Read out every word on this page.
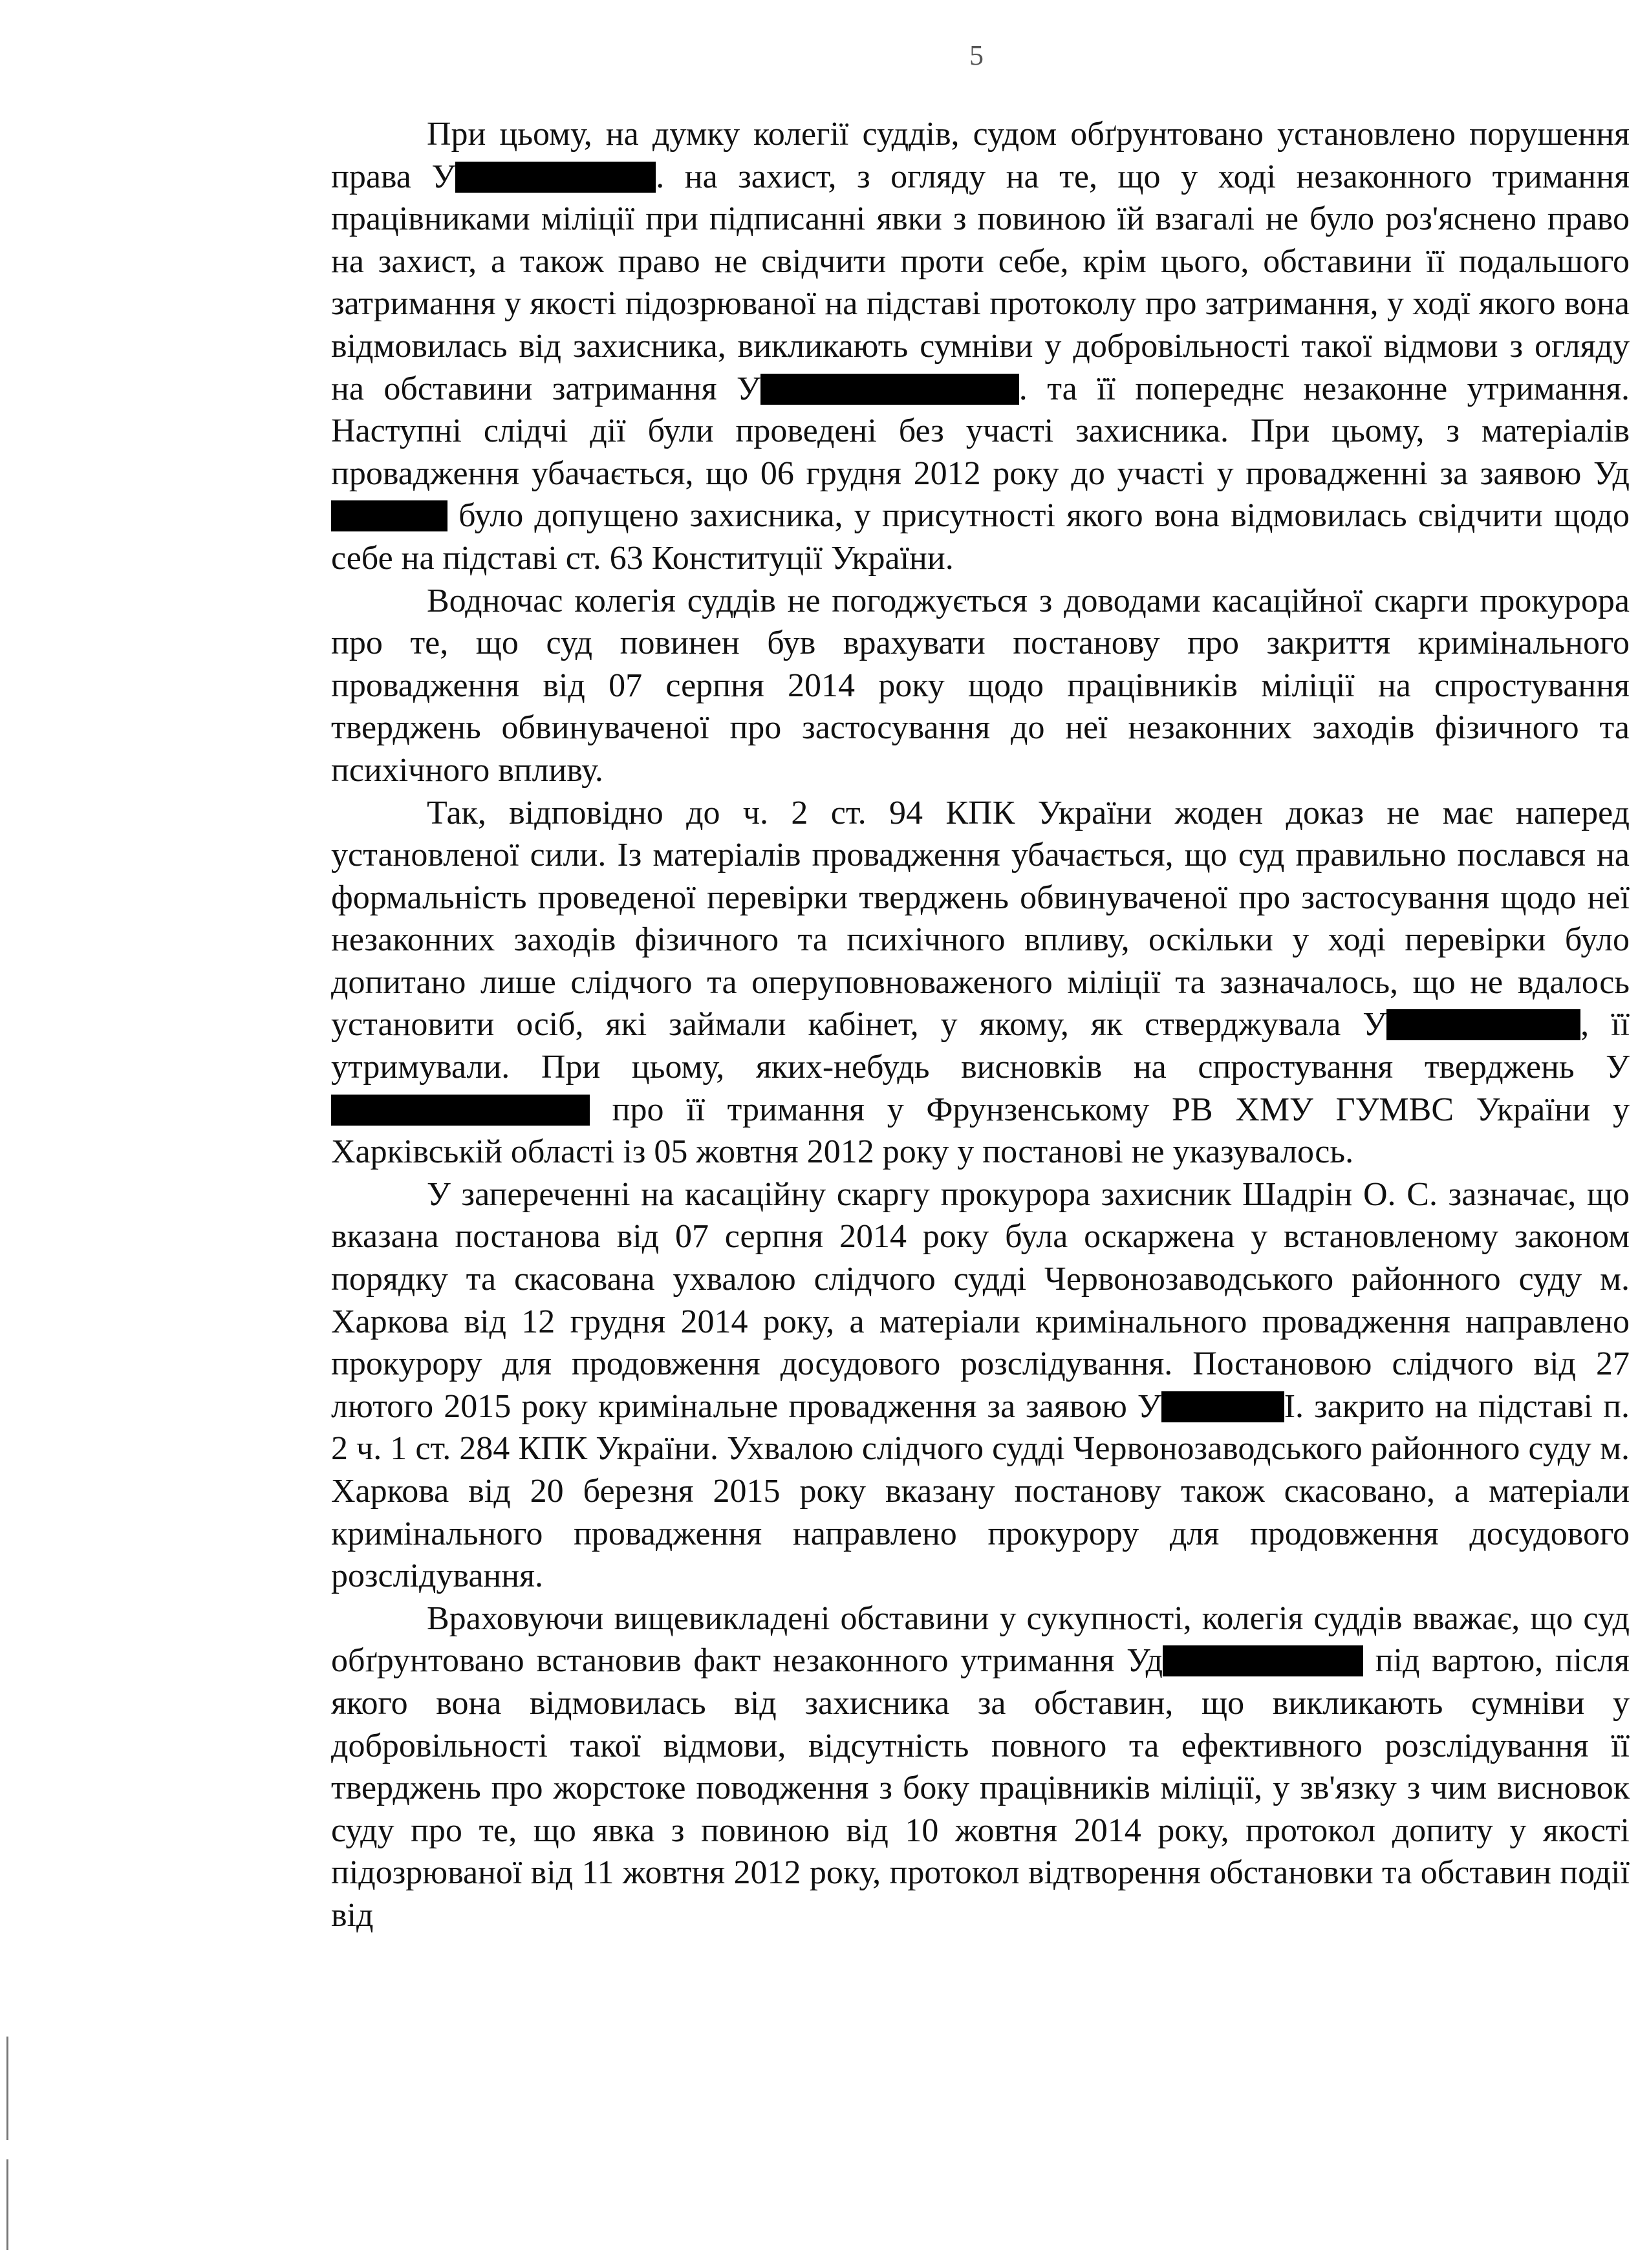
5

При цьому, на думку колегії суддів, судом обґрунтовано установлено порушення права У	. на захист, з огляду на те, що у ході незаконного тримання працівниками міліції при підписанні явки з повиною їй взагалі не було роз'яснено право на захист, а також право не свідчити проти себе, крім цього, обставини її подальшого затримання у якості підозрюваної на підставі протоколу про затримання, у ходї якого вона відмовилась від захисника, викликають сумніви у добровільності такої відмови з огляду на обставини затримання У	. та її попереднє незаконне утримання. Наступні слідчі дії були проведені без участі захисника. При цьому, з матеріалів провадження убачається, що 06 грудня 2012 року до участі у провадженні за заявою Уд було допущено захисника, у присутності якого вона відмовилась свідчити щодо себе на підставі ст. 63 Конституції України.

Водночас колегія суддів не погоджується з доводами касаційної скарги прокурора про те, що суд повинен був врахувати постанову про закриття кримінального провадження від 07 серпня 2014 року щодо працівників міліції на спростування тверджень обвинуваченої про застосування до неї незаконних заходів фізичного та психічного впливу.

Так, відповідно до ч. 2 ст. 94 КПК України жоден доказ не має наперед установленої сили. Із матеріалів провадження убачається, що суд правильно послався на формальність проведеної перевірки тверджень обвинуваченої про застосування щодо неї незаконних заходів фізичного та психічного впливу, оскільки у ході перевірки було допитано лише слідчого та оперуповноваженого міліції та зазначалось, що не вдалось установити осіб, які займали кабінет, у якому, як стверджувала У	, її утримували. При цьому, яких-небудь висновків на спростування тверджень У про її тримання у Фрунзенському РВ ХМУ ГУМВС України у Харківській області із 05 жовтня 2012 року у постанові не указувалось.

У запереченні на касаційну скаргу прокурора захисник Шадрін О. С. зазначає, що вказана постанова від 07 серпня 2014 року була оскаржена у встановленому законом порядку та скасована ухвалою слідчого судді Червонозаводського районного суду м. Харкова від 12 грудня 2014 року, а матеріали кримінального провадження направлено прокурору для продовження досудового розслідування. Постановою слідчого від 27 лютого 2015 року кримінальне провадження за заявою У	I. закрито на підставі п. 2 ч. 1 ст. 284 КПК України. Ухвалою слідчого судді Червонозаводського районного суду м. Харкова від 20 березня 2015 року вказану постанову також скасовано, а матеріали кримінального провадження направлено прокурору для продовження досудового розслідування.

Враховуючи вищевикладені обставини у сукупності, колегія суддів вважає, що суд обґрунтовано встановив факт незаконного утримання Уд	під вартою, після якого вона відмовилась від захисника за обставин, що викликають сумніви у добровільності такої відмови, відсутність повного та ефективного розслідування її тверджень про жорстоке поводження з боку працівників міліції, у зв'язку з чим висновок суду про те, що явка з повиною від 10 жовтня 2014 року, протокол допиту у якості підозрюваної від 11 жовтня 2012 року, протокол відтворення обстановки та обставин події від
